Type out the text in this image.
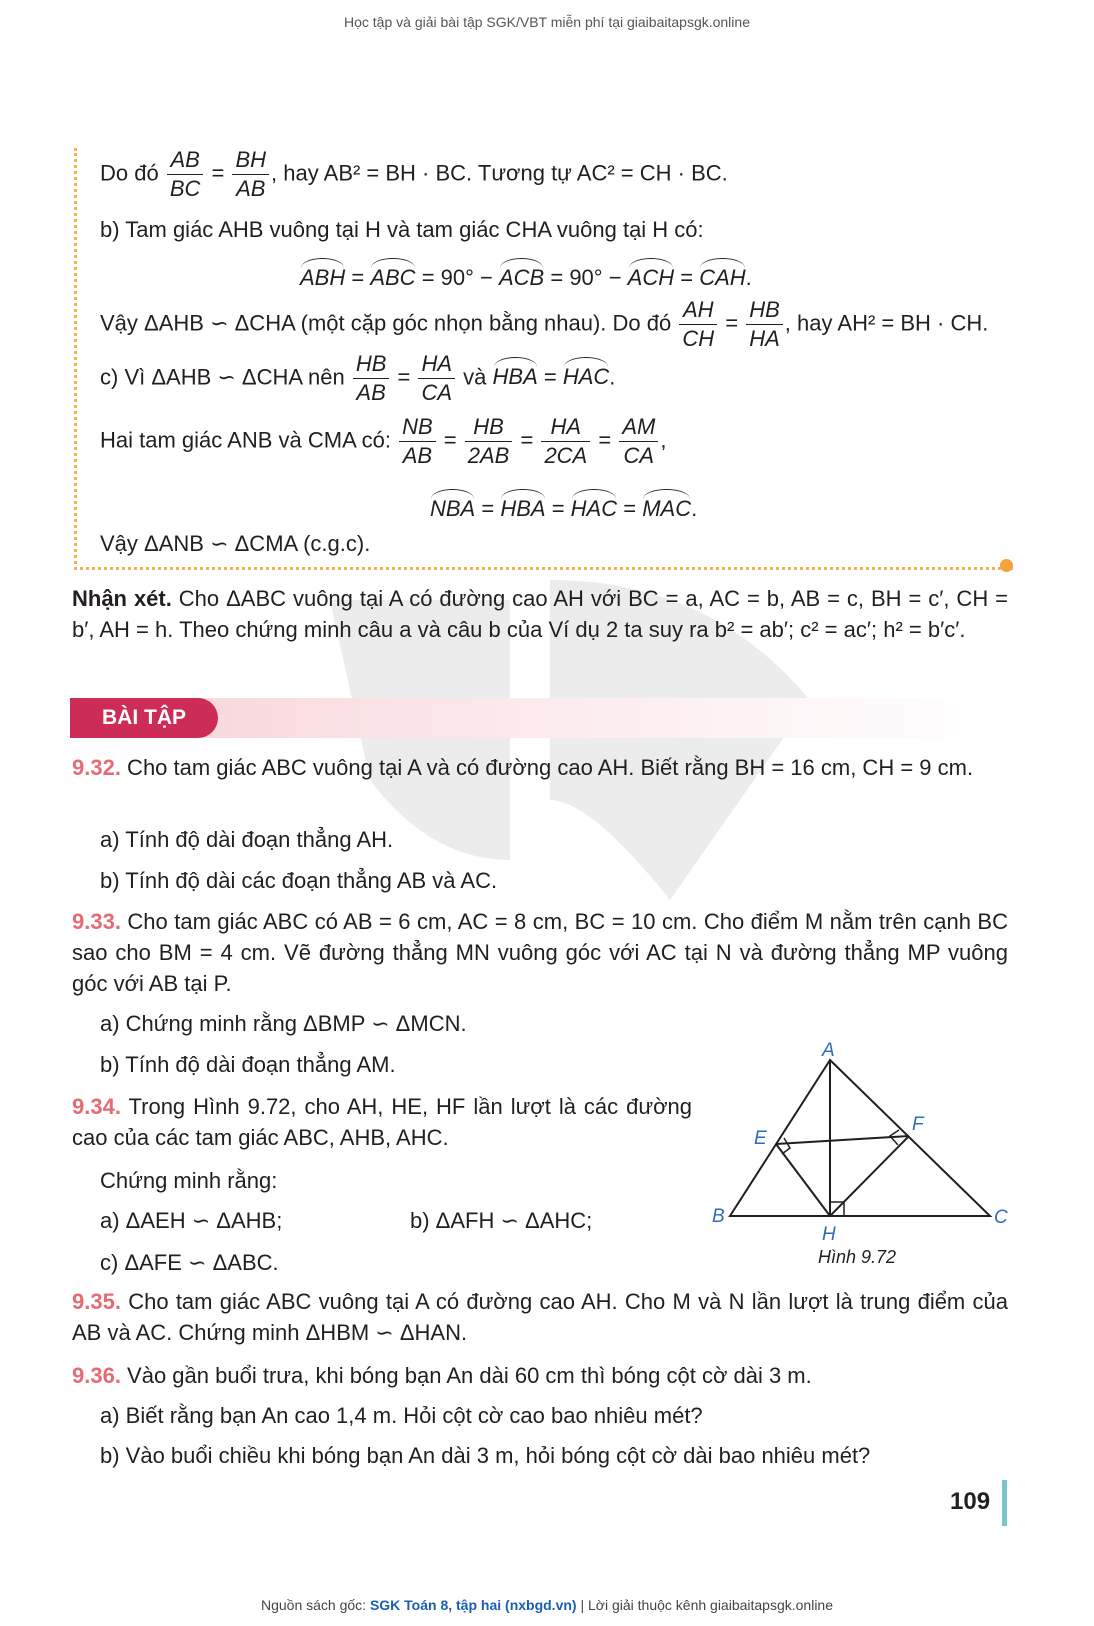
Học tập và giải bài tập SGK/VBT miễn phí tại giaibaitapsgk.online
Do đó $\frac{AB}{BC} = \frac{BH}{AB}$ , hay AB² = BH · BC. Tương tự AC² = CH · BC.
b) Tam giác AHB vuông tại H và tam giác CHA vuông tại H có:
ABH = ABC = 90° − ACB = 90° − ACH = CAH.
Vậy ΔAHB ∽ ΔCHA (một cặp góc nhọn bằng nhau). Do đó $\frac{AH}{CH} = \frac{HB}{HA}$ , hay AH² = BH · CH.
c) Vì ΔAHB ∽ ΔCHA nên $\frac{HB}{AB} = \frac{HA}{CA}$ và HBA = HAC.
Hai tam giác ANB và CMA có: $\frac{NB}{AB} = \frac{HB}{2AB} = \frac{HA}{2CA} = \frac{AM}{CA}$ ,
NBA = HBA = HAC = MAC.
Vậy ΔANB ∽ ΔCMA (c.g.c).
Nhận xét. Cho ΔABC vuông tại A có đường cao AH với BC = a, AC = b, AB = c, BH = c′, CH = b′, AH = h. Theo chứng minh câu a và câu b của Ví dụ 2 ta suy ra b² = ab′; c² = ac′; h² = b′c′.
BÀI TẬP
9.32. Cho tam giác ABC vuông tại A và có đường cao AH. Biết rằng BH = 16 cm, CH = 9 cm.
a) Tính độ dài đoạn thẳng AH.
b) Tính độ dài các đoạn thẳng AB và AC.
9.33. Cho tam giác ABC có AB = 6 cm, AC = 8 cm, BC = 10 cm. Cho điểm M nằm trên cạnh BC sao cho BM = 4 cm. Vẽ đường thẳng MN vuông góc với AC tại N và đường thẳng MP vuông góc với AB tại P.
a) Chứng minh rằng ΔBMP ∽ ΔMCN.
b) Tính độ dài đoạn thẳng AM.
9.34. Trong Hình 9.72, cho AH, HE, HF lần lượt là các đường cao của các tam giác ABC, AHB, AHC.
Chứng minh rằng:
a) ΔAEH ∽ ΔAHB;	b) ΔAFH ∽ ΔAHC;
c) ΔAFE ∽ ΔABC.
A
B	C
H
E
F
Hình 9.72
9.35. Cho tam giác ABC vuông tại A có đường cao AH. Cho M và N lần lượt là trung điểm của AB và AC. Chứng minh ΔHBM ∽ ΔHAN.
9.36. Vào gần buổi trưa, khi bóng bạn An dài 60 cm thì bóng cột cờ dài 3 m.
a) Biết rằng bạn An cao 1,4 m. Hỏi cột cờ cao bao nhiêu mét?
b) Vào buổi chiều khi bóng bạn An dài 3 m, hỏi bóng cột cờ dài bao nhiêu mét?
109
Nguồn sách gốc: SGK Toán 8, tập hai (nxbgd.vn) | Lời giải thuộc kênh giaibaitapsgk.online
